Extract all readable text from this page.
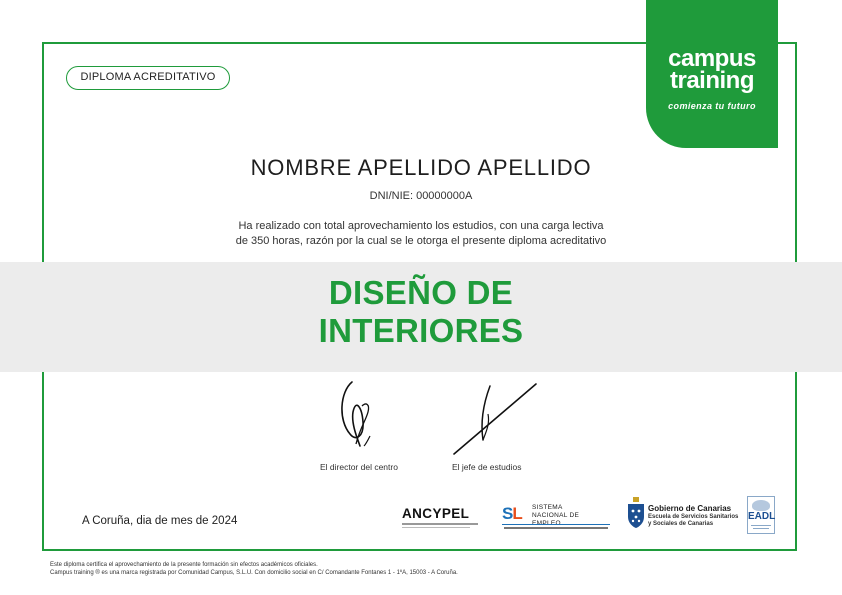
DIPLOMA ACREDITATIVO
campus
training
comienza tu futuro
NOMBRE APELLIDO APELLIDO
DNI/NIE: 00000000A
Ha realizado con total aprovechamiento los estudios, con una carga lectiva
de 350 horas, razón por la cual se le otorga el presente diploma acreditativo
DISEÑO DE
INTERIORES
El director del centro	El jefe de estudios
A Coruña, dia de mes de 2024	ANCYPEL	SL SISTEMA
NACIONAL DE EMPLEO
Gobierno de Canarias
Escuela de Servicios Sanitarios
y Sociales de Canarias
EADL
Este diploma certifica el aprovechamiento de la presente formación sin efectos académicos oficiales.
Campus training ® es una marca registrada por Comunidad Campus, S.L.U. Con domicilio social en C/ Comandante Fontanes 1 - 1ºA, 15003 - A Coruña.
